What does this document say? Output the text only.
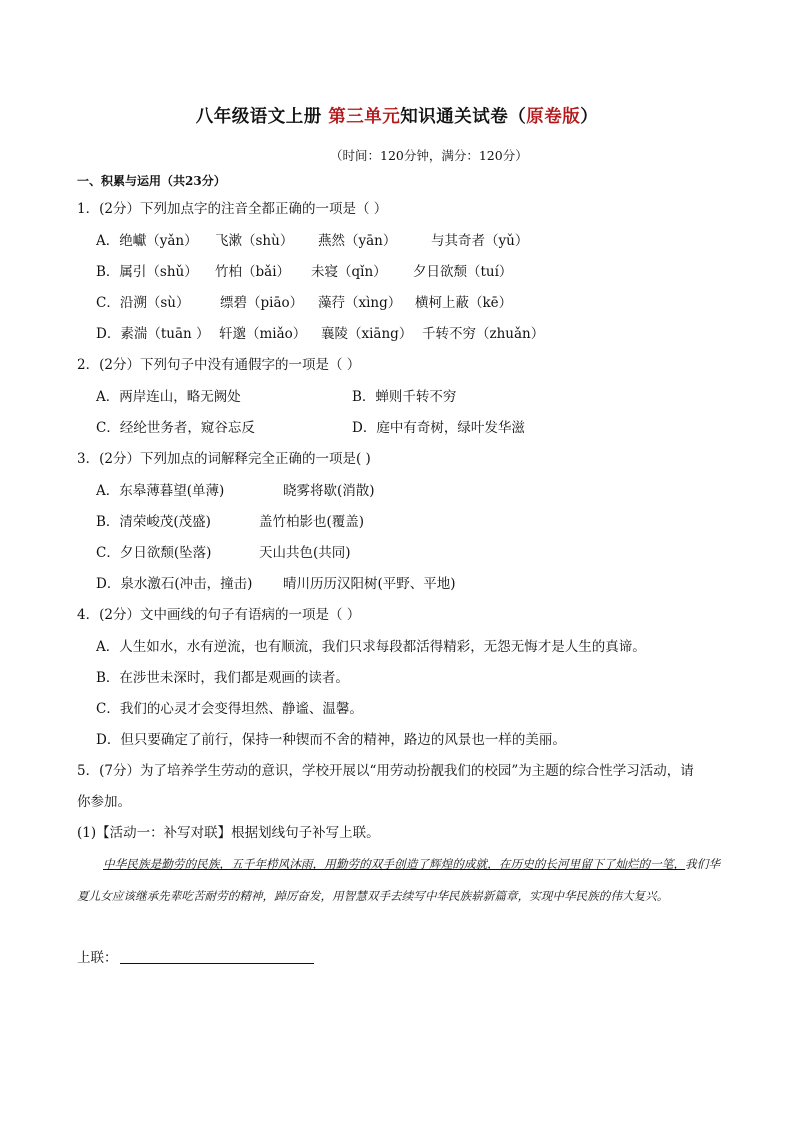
八年级语文上册 第三单元知识通关试卷（原卷版）
（时间：120分钟，满分：120分）
一、积累与运用（共23分）
1．(2分）下列加点字的注音全都正确的一项是（ ）
A．绝巘（yǎn） 飞漱（shù） 燕然（yān）	与其奇者（yǔ）
B．属引（shǔ） 竹柏（bǎi） 未寝（qǐn） 夕日欲颓（tuí）
C．沿溯（sù） 缥碧（piāo） 藻荇（xìng） 横柯上蔽（kē）
D．素湍（tuān ） 轩邈（miǎo） 襄陵（xiāng） 千转不穷（zhuǎn）
2．(2分）下列句子中没有通假字的一项是（ ）
A．两岸连山，略无阙处	B．蝉则千转不穷
C．经纶世务者，窥谷忘反	D．庭中有奇树，绿叶发华滋
3．(2分）下列加点的词解释完全正确的一项是( )
A．东皋薄暮望(单薄)	晓雾将歇(消散)
B．清荣峻茂(茂盛)	盖竹柏影也(覆盖)
C．夕日欲颓(坠落)	天山共色(共同)
D．泉水激石(冲击，撞击) 晴川历历汉阳树(平野、平地)
4．(2分）文中画线的句子有语病的一项是（ ）
A．人生如水，水有逆流，也有顺流，我们只求每段都活得精彩，无怨无悔才是人生的真谛。
B．在涉世未深时，我们都是观画的读者。
C．我们的心灵才会变得坦然、静谧、温馨。
D．但只要确定了前行，保持一种锲而不舍的精神，路边的风景也一样的美丽。
5．(7分）为了培养学生劳动的意识，学校开展以“用劳动扮靓我们的校园”为主题的综合性学习活动，请
你参加。
(1)【活动一：补写对联】根据划线句子补写上联。
中华民族是勤劳的民族，五千年栉风沐雨，用勤劳的双手创造了辉煌的成就，在历史的长河里留下了灿烂的一笔，我们华夏儿女应该继承先辈吃苦耐劳的精神，踔厉奋发，用智慧双手去续写中华民族崭新篇章，实现中华民族的伟大复兴。
上联：
